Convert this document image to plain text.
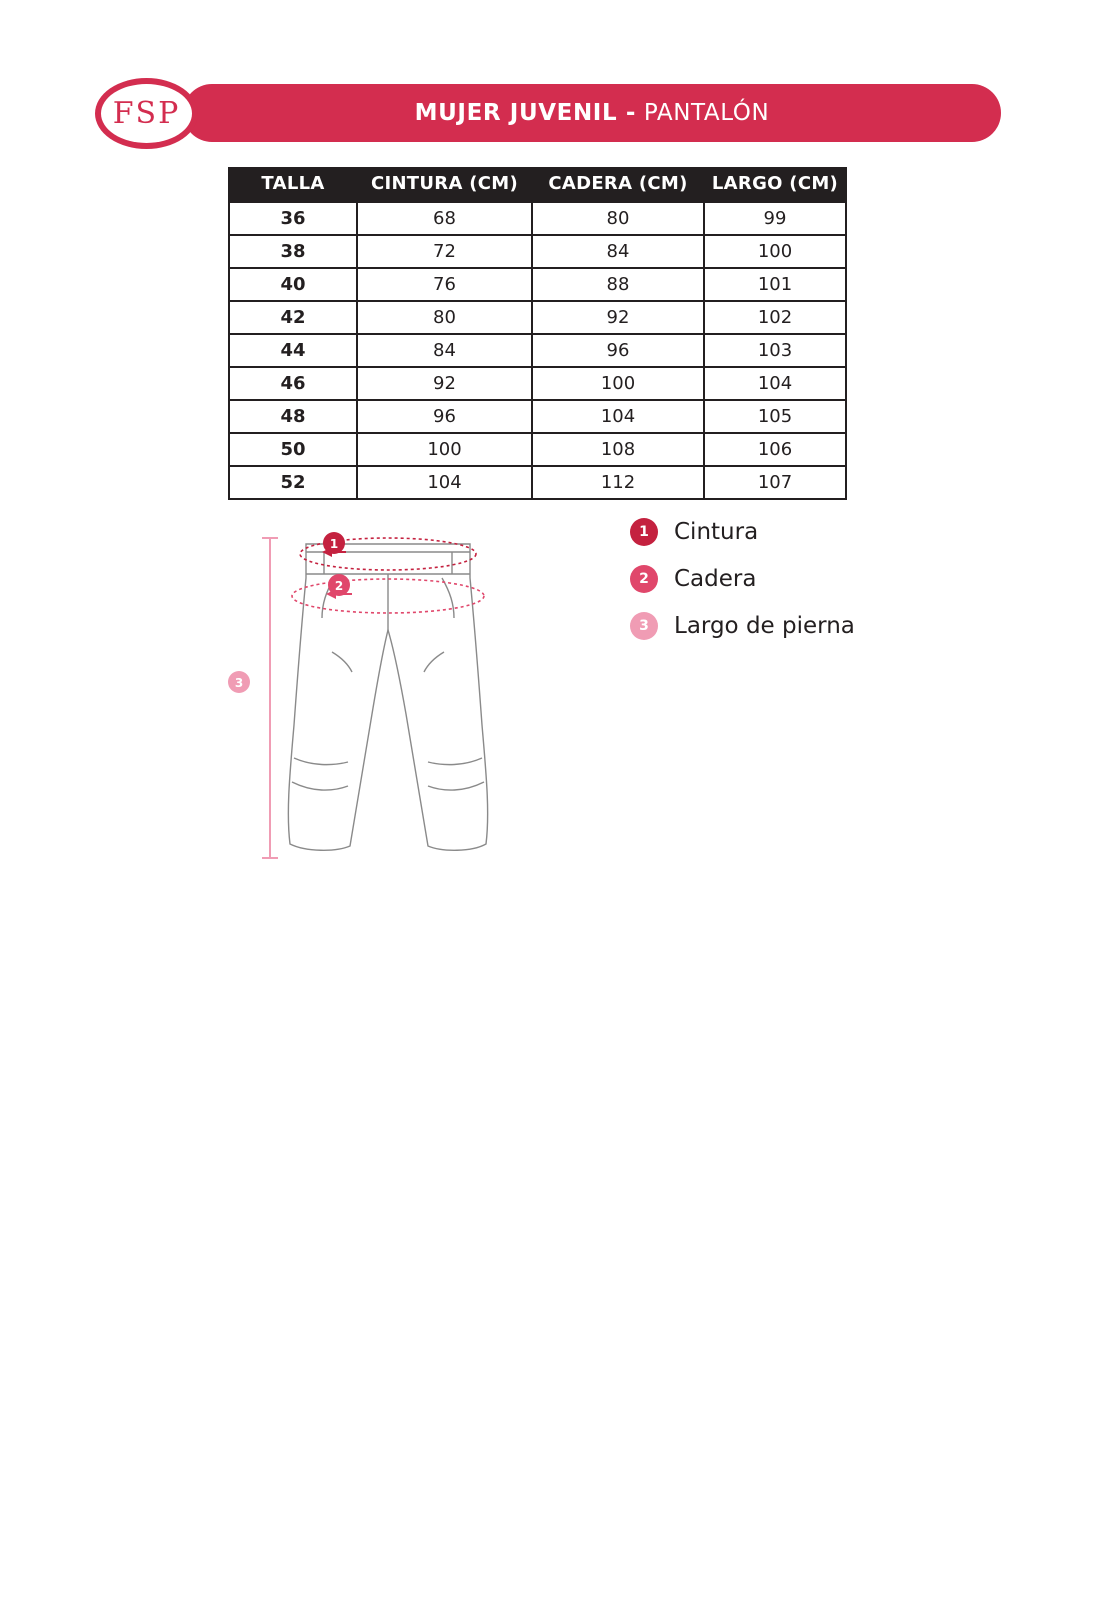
MUJER JUVENIL - PANTALÓN
FSP
TALLA	CINTURA (CM)	CADERA (CM)	LARGO (CM)
36	68	80	99
38	72	84	100
40	76	88	101
42	80	92	102
44	84	96	103
46	92	100	104
48	96	104	105
50	100	108	106
52	104	112	107
1
2
3
1	Cintura
2	Cadera
3	Largo de pierna
